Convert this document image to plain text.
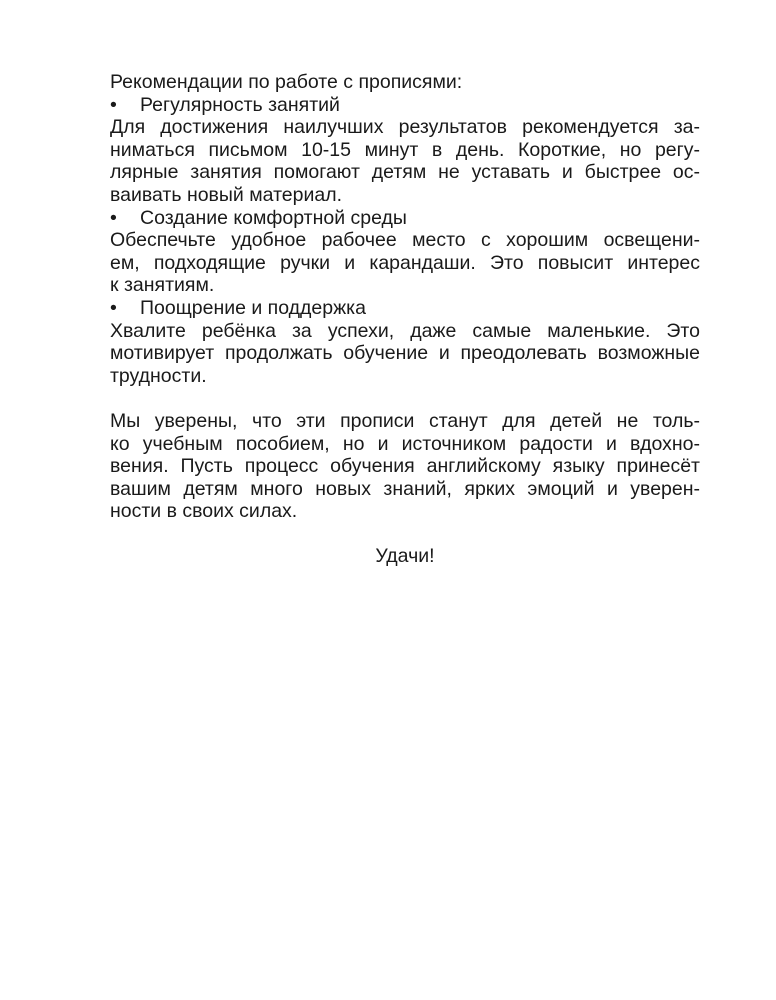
Рекомендации по работе с прописями:
• Регулярность занятий
Для достижения наилучших результатов рекомендуется за-
ниматься письмом 10-15 минут в день. Короткие, но регу-
лярные занятия помогают детям не уставать и быстрее ос-
ваивать новый материал.
• Создание комфортной среды
Обеспечьте удобное рабочее место с хорошим освещени-
ем, подходящие ручки и карандаши. Это повысит интерес
к занятиям.
• Поощрение и поддержка
Хвалите ребёнка за успехи, даже самые маленькие. Это
мотивирует продолжать обучение и преодолевать возможные
трудности.
Мы уверены, что эти прописи станут для детей не толь-
ко учебным пособием, но и источником радости и вдохно-
вения. Пусть процесс обучения английскому языку принесёт
вашим детям много новых знаний, ярких эмоций и уверен-
ности в своих силах.
Удачи!
